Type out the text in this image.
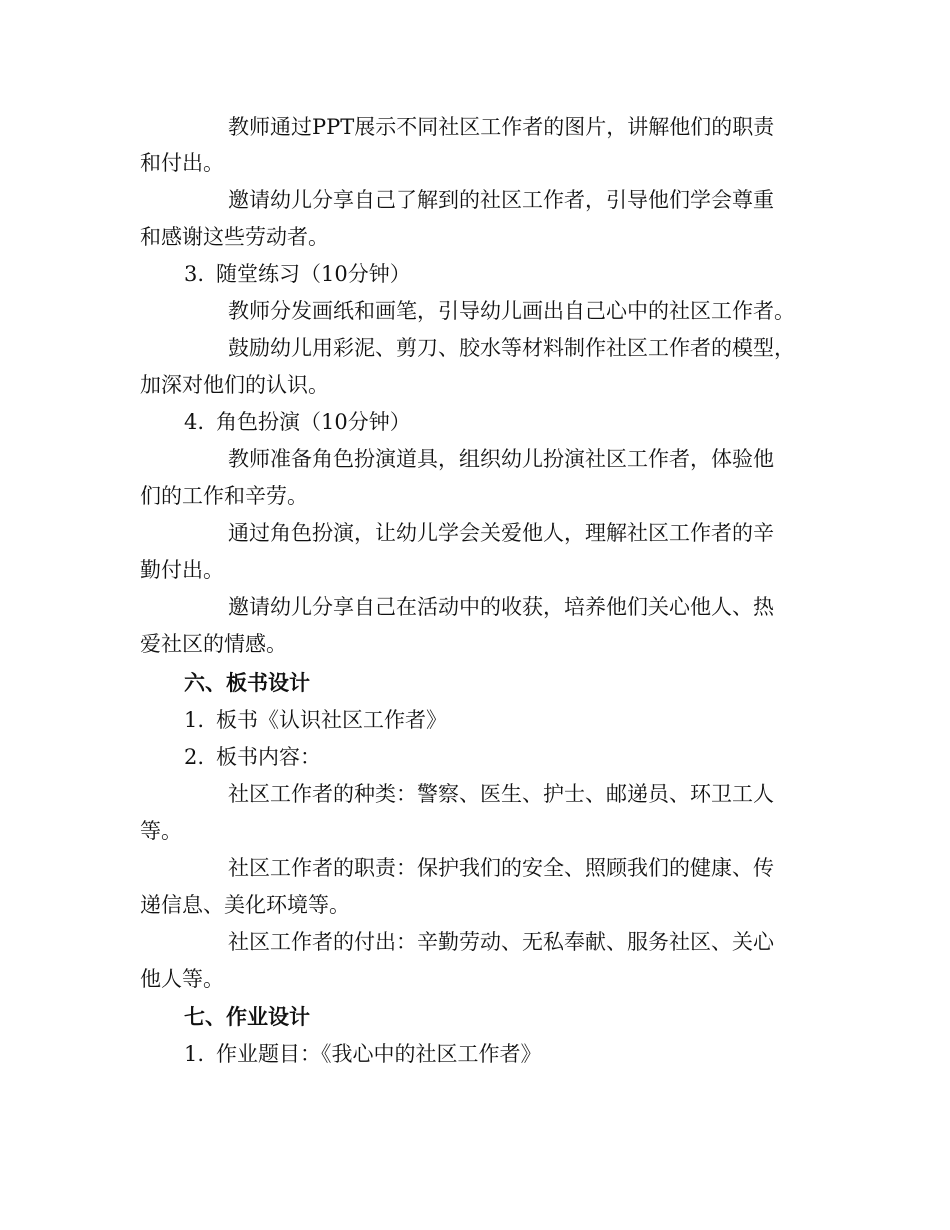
教师通过PPT展示不同社区工作者的图片，讲解他们的职责
和付出。
邀请幼儿分享自己了解到的社区工作者，引导他们学会尊重
和感谢这些劳动者。
3. 随堂练习（10分钟）
教师分发画纸和画笔，引导幼儿画出自己心中的社区工作者。
鼓励幼儿用彩泥、剪刀、胶水等材料制作社区工作者的模型，
加深对他们的认识。
4. 角色扮演（10分钟）
教师准备角色扮演道具，组织幼儿扮演社区工作者，体验他
们的工作和辛劳。
通过角色扮演，让幼儿学会关爱他人，理解社区工作者的辛
勤付出。
邀请幼儿分享自己在活动中的收获，培养他们关心他人、热
爱社区的情感。
六、板书设计
1. 板书《认识社区工作者》
2. 板书内容：
社区工作者的种类：警察、医生、护士、邮递员、环卫工人
等。
社区工作者的职责：保护我们的安全、照顾我们的健康、传
递信息、美化环境等。
社区工作者的付出：辛勤劳动、无私奉献、服务社区、关心
他人等。
七、作业设计
1. 作业题目：《我心中的社区工作者》
